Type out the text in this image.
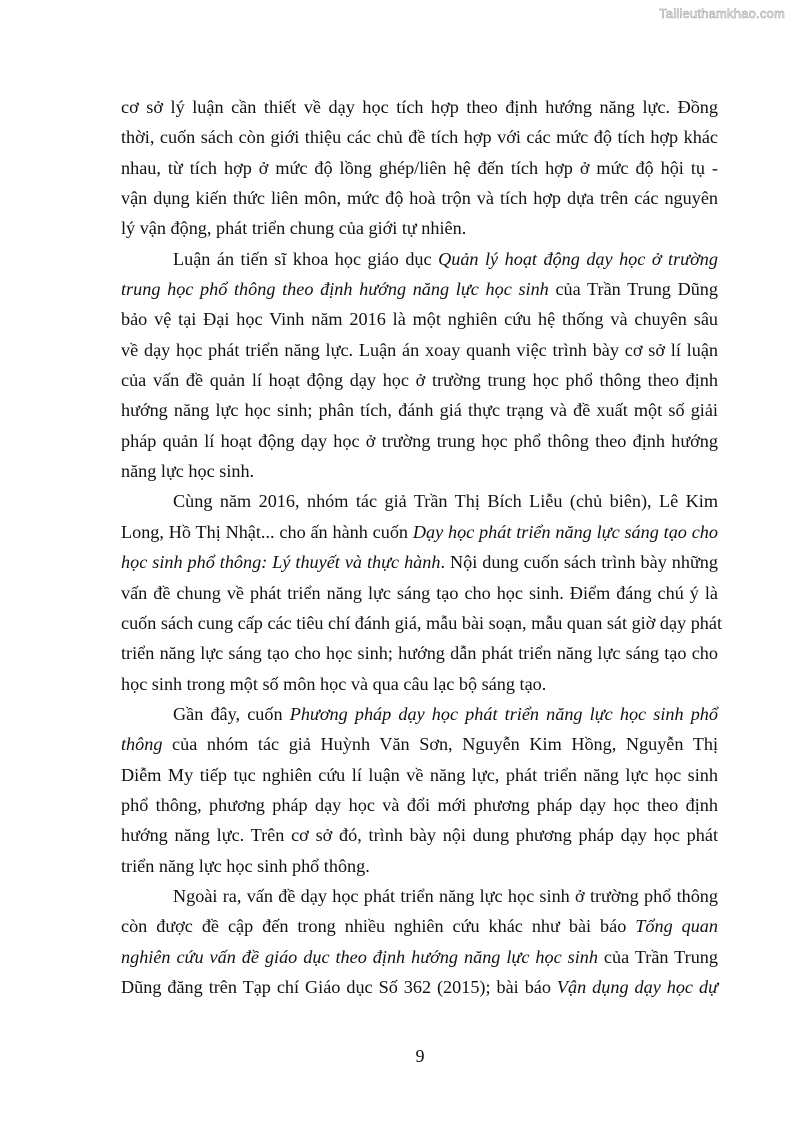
Tailieuthamkhao.com
cơ sở lý luận cần thiết về dạy học tích hợp theo định hướng năng lực. Đồng
thời, cuốn sách còn giới thiệu các chủ đề tích hợp với các mức độ tích hợp khác
nhau, từ tích hợp ở mức độ lồng ghép/liên hệ đến tích hợp ở mức độ hội tụ -
vận dụng kiến thức liên môn, mức độ hoà trộn và tích hợp dựa trên các nguyên
lý vận động, phát triển chung của giới tự nhiên.
Luận án tiến sĩ khoa học giáo dục Quản lý hoạt động dạy học ở trường
trung học phổ thông theo định hướng năng lực học sinh của Trần Trung Dũng
bảo vệ tại Đại học Vinh năm 2016 là một nghiên cứu hệ thống và chuyên sâu
về dạy học phát triển năng lực. Luận án xoay quanh việc trình bày cơ sở lí luận
của vấn đề quản lí hoạt động dạy học ở trường trung học phổ thông theo định
hướng năng lực học sinh; phân tích, đánh giá thực trạng và đề xuất một số giải
pháp quản lí hoạt động dạy học ở trường trung học phổ thông theo định hướng
năng lực học sinh.
Cùng năm 2016, nhóm tác giả Trần Thị Bích Liễu (chủ biên), Lê Kim
Long, Hồ Thị Nhật... cho ấn hành cuốn Dạy học phát triển năng lực sáng tạo cho
học sinh phổ thông: Lý thuyết và thực hành. Nội dung cuốn sách trình bày những
vấn đề chung về phát triển năng lực sáng tạo cho học sinh. Điểm đáng chú ý là
cuốn sách cung cấp các tiêu chí đánh giá, mẫu bài soạn, mẫu quan sát giờ dạy phát
triển năng lực sáng tạo cho học sinh; hướng dẫn phát triển năng lực sáng tạo cho
học sinh trong một số môn học và qua câu lạc bộ sáng tạo.
Gần đây, cuốn Phương pháp dạy học phát triển năng lực học sinh phổ
thông của nhóm tác giả Huỳnh Văn Sơn, Nguyễn Kim Hồng, Nguyễn Thị
Diễm My tiếp tục nghiên cứu lí luận về năng lực, phát triển năng lực học sinh
phổ thông, phương pháp dạy học và đổi mới phương pháp dạy học theo định
hướng năng lực. Trên cơ sở đó, trình bày nội dung phương pháp dạy học phát
triển năng lực học sinh phổ thông.
Ngoài ra, vấn đề dạy học phát triển năng lực học sinh ở trường phổ thông
còn được đề cập đến trong nhiều nghiên cứu khác như bài báo Tổng quan
nghiên cứu vấn đề giáo dục theo định hướng năng lực học sinh của Trần Trung
Dũng đăng trên Tạp chí Giáo dục Số 362 (2015); bài báo Vận dụng dạy học dự
9
